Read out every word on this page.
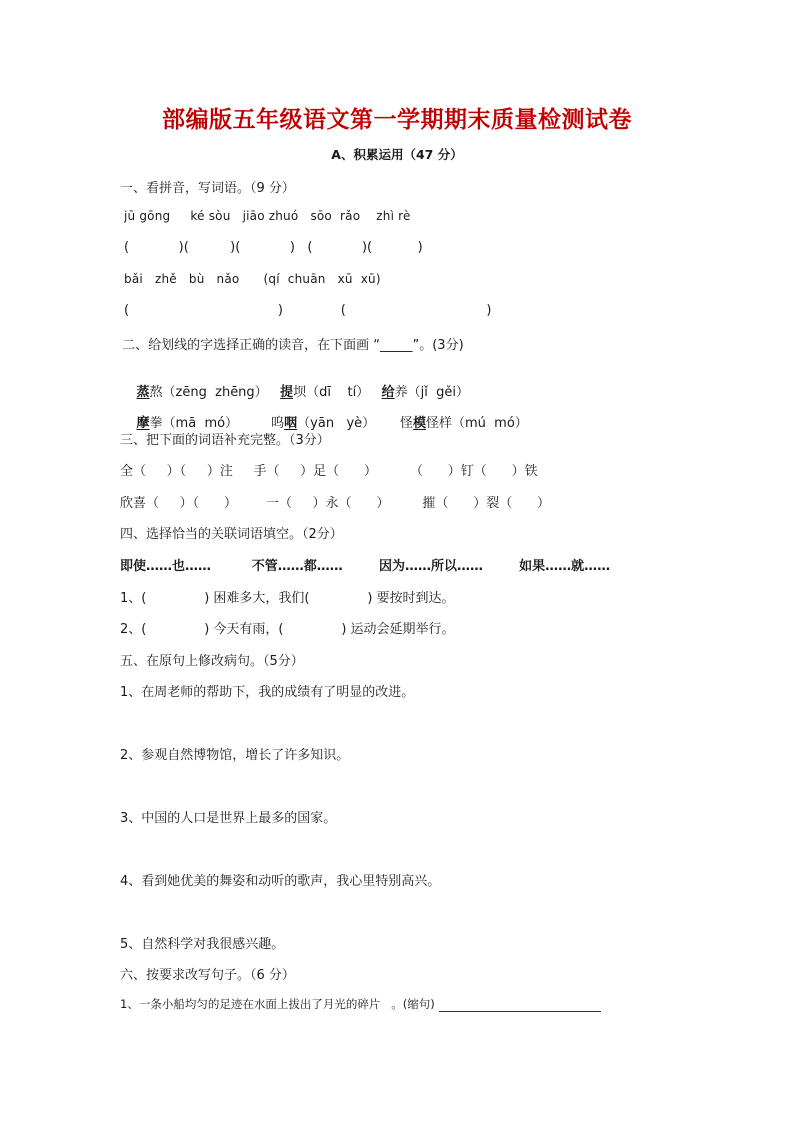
部编版五年级语文第一学期期末质量检测试卷
A、积累运用（47 分）
一、看拼音，写词语。（9 分）
jū gōng     ké sòu   jiāo zhuó   sōo  rǎo    zhì rè
(            )(          )(            )   (            )(           )
bǎi   zhě   bù   nǎo      (qí  chuān   xū  xū)
(                                    )              (                                  )
二、给划线的字选择正确的读音，在下面画 “_____”。(3分)

蒸熬（zēng  zhēng） 提坝（dī    tí） 给养（jǐ  gěi）

摩拳（mā  mó）	呜咽（yān   yè） 怪模怪样（mú  mó）

三、把下面的词语补充完整。（3分）
全（     ）（     ）注     手（     ）足（      ）        （      ）钉（      ）铁
欣喜（     ）（      ）       一（     ）永（      ）        摧（      ）裂（      ）
四、选择恰当的关联词语填空。（2分）
即使……也……         不管……都……        因为……所以……        如果……就……
1、(              ) 困难多大，我们(              ) 要按时到达。
2、(              ) 今天有雨，(              ) 运动会延期举行。
五、在原句上修改病句。（5分）
1、在周老师的帮助下，我的成绩有了明显的改进。
2、参观自然博物馆，增长了许多知识。
3、中国的人口是世界上最多的国家。
4、看到她优美的舞姿和动听的歌声，我心里特别高兴。
5、自然科学对我很感兴趣。
六、按要求改写句子。（6 分）
1、一条小船均匀的足迹在水面上拔出了月光的碎片   。(缩句)
